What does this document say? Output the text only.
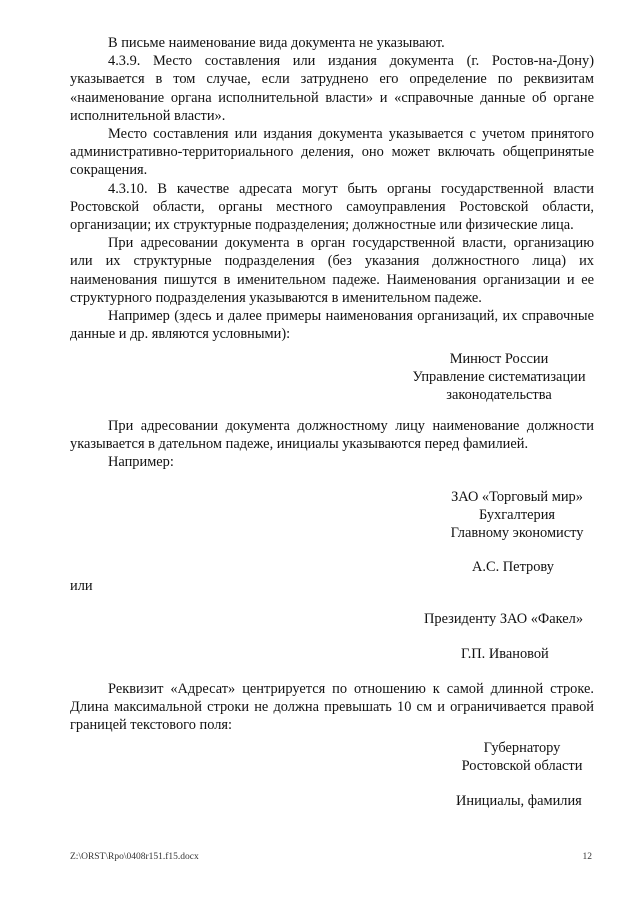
В письме наименование вида документа не указывают.

4.3.9. Место составления или издания документа (г. Ростов-на-Дону) указывается в том случае, если затруднено его определение по реквизитам «наименование органа исполнительной власти» и «справочные данные об органе исполнительной власти».

Место составления или издания документа указывается с учетом принятого административно-территориального деления, оно может включать общепринятые сокращения.

4.3.10. В качестве адресата могут быть органы государственной власти Ростовской области, органы местного самоуправления Ростовской области, организации; их структурные подразделения; должностные или физические лица.

При адресовании документа в орган государственной власти, организацию или их структурные подразделения (без указания должностного лица) их наименования пишутся в именительном падеже. Наименования организации и ее структурного подразделения указываются в именительном падеже.

Например (здесь и далее примеры наименования организаций, их справочные данные и др. являются условными):

Минюст России
Управление систематизации
законодательства

При адресовании документа должностному лицу наименование должности указывается в дательном падеже, инициалы указываются перед фамилией.

Например:

ЗАО «Торговый мир»
Бухгалтерия
Главному экономисту
А.С. Петрову
или
Президенту ЗАО «Факел»
Г.П. Ивановой

Реквизит «Адресат» центрируется по отношению к самой длинной строке. Длина максимальной строки не должна превышать 10 см и ограничивается правой границей текстового поля:

Губернатору
Ростовской области
Инициалы, фамилия
Z:\ORST\Rpo\0408r151.f15.docx	12
